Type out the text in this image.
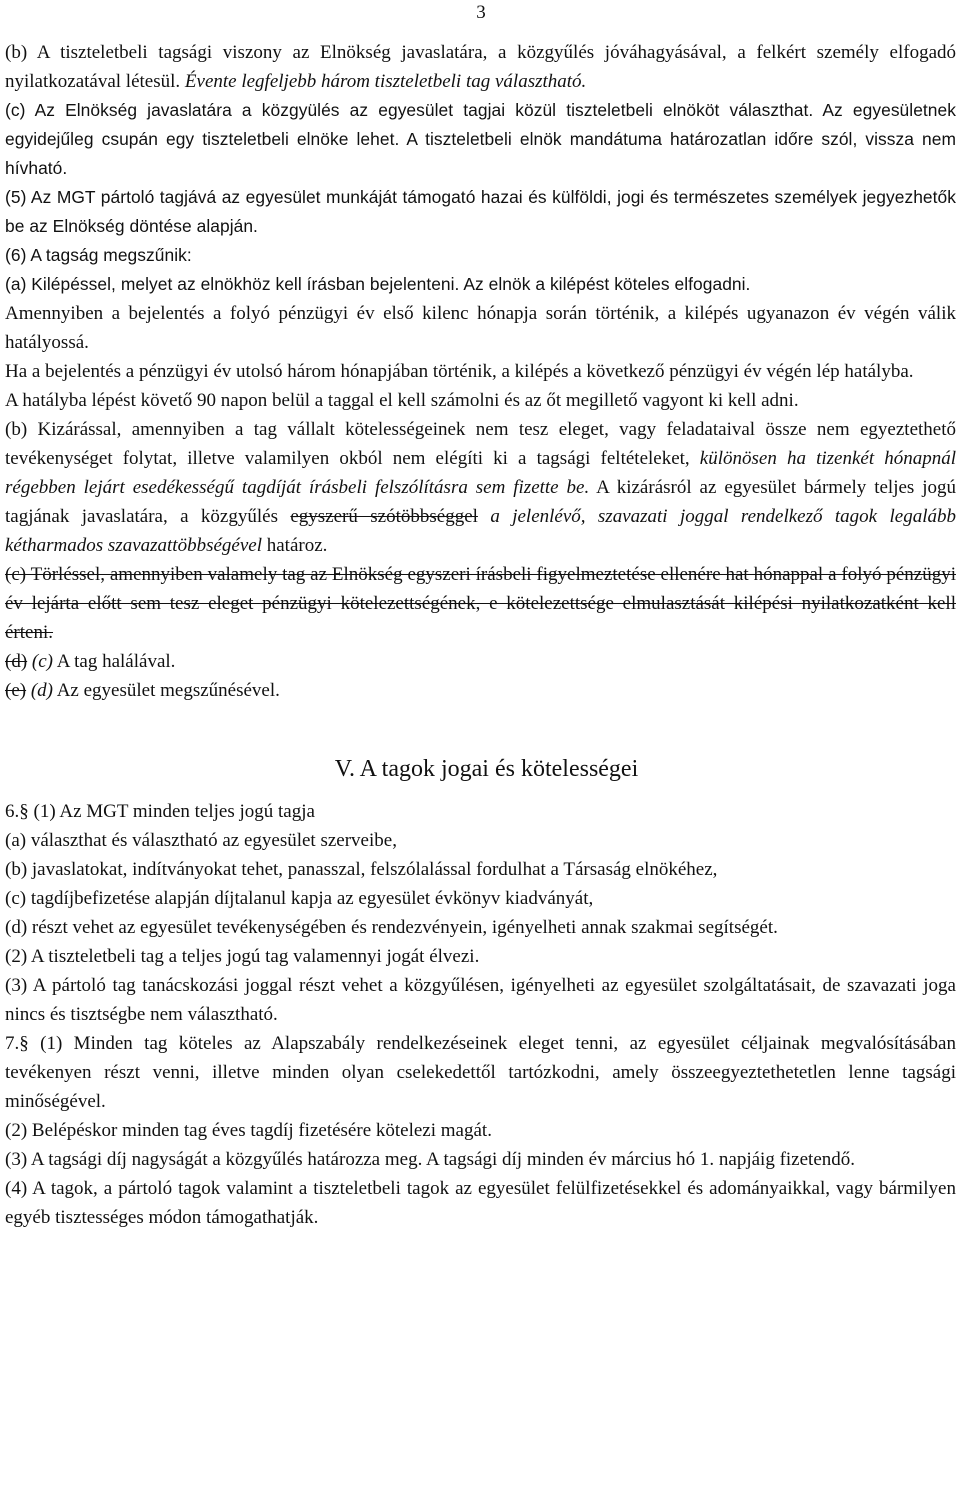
3

(b) A tiszteletbeli tagsági viszony az Elnökség javaslatára, a közgyűlés jóváhagyásával, a felkért személy elfogadó nyilatkozatával létesül. Évente legfeljebb három tiszteletbeli tag választható.

(c) Az Elnökség javaslatára a közgyülés az egyesület tagjai közül tiszteletbeli elnököt választhat. Az egyesületnek egyidejűleg csupán egy tiszteletbeli elnöke lehet. A tiszteletbeli elnök mandátuma határozatlan időre szól, vissza nem hívható.

(5) Az MGT pártoló tagjává az egyesület munkáját támogató hazai és külföldi, jogi és természetes személyek jegyezhetők be az Elnökség döntése alapján.

(6) A tagság megszűnik:

(a) Kilépéssel, melyet az elnökhöz kell írásban bejelenteni. Az elnök a kilépést köteles elfogadni.

Amennyiben a bejelentés a folyó pénzügyi év első kilenc hónapja során történik, a kilépés ugyanazon év végén válik hatályossá.

Ha a bejelentés a pénzügyi év utolsó három hónapjában történik, a kilépés a következő pénzügyi év végén lép hatályba.

A hatályba lépést követő 90 napon belül a taggal el kell számolni és az őt megillető vagyont ki kell adni.

(b) Kizárással, amennyiben a tag vállalt kötelességeinek nem tesz eleget, vagy feladataival össze nem egyeztethető tevékenységet folytat, illetve valamilyen okból nem elégíti ki a tagsági feltételeket, különösen ha tizenkét hónapnál régebben lejárt esedékességű tagdíját írásbeli felszólításra sem fizette be. A kizárásról az egyesület bármely teljes jogú tagjának javaslatára, a közgyűlés egyszerű szótöbbséggel a jelenlévő, szavazati joggal rendelkező tagok legalább kétharmados szavazattöbbségével határoz.

(c) Törléssel, amennyiben valamely tag az Elnökség egyszeri írásbeli figyelmeztetése ellenére hat hónappal a folyó pénzügyi év lejárta előtt sem tesz eleget pénzügyi kötelezettségének, e kötelezettsége elmulasztását kilépési nyilatkozatként kell érteni.

(d) (c) A tag halálával.

(e) (d) Az egyesület megszűnésével.

V. A tagok jogai és kötelességei

6.§ (1) Az MGT minden teljes jogú tagja

(a) választhat és választható az egyesület szerveibe,

(b) javaslatokat, indítványokat tehet, panasszal, felszólalással fordulhat a Társaság elnökéhez,

(c) tagdíjbefizetése alapján díjtalanul kapja az egyesület évkönyv kiadványát,

(d) részt vehet az egyesület tevékenységében és rendezvényein, igényelheti annak szakmai segítségét.

(2) A tiszteletbeli tag a teljes jogú tag valamennyi jogát élvezi.

(3) A pártoló tag tanácskozási joggal részt vehet a közgyűlésen, igényelheti az egyesület szolgáltatásait, de szavazati joga nincs és tisztségbe nem választható.

7.§ (1) Minden tag köteles az Alapszabály rendelkezéseinek eleget tenni, az egyesület céljainak megvalósításában tevékenyen részt venni, illetve minden olyan cselekedettől tartózkodni, amely összeegyeztethetetlen lenne tagsági minőségével.

(2) Belépéskor minden tag éves tagdíj fizetésére kötelezi magát.

(3) A tagsági díj nagyságát a közgyűlés határozza meg. A tagsági díj minden év március hó 1. napjáig fizetendő.

(4) A tagok, a pártoló tagok valamint a tiszteletbeli tagok az egyesület felülfizetésekkel és adományaikkal, vagy bármilyen egyéb tisztességes módon támogathatják.
